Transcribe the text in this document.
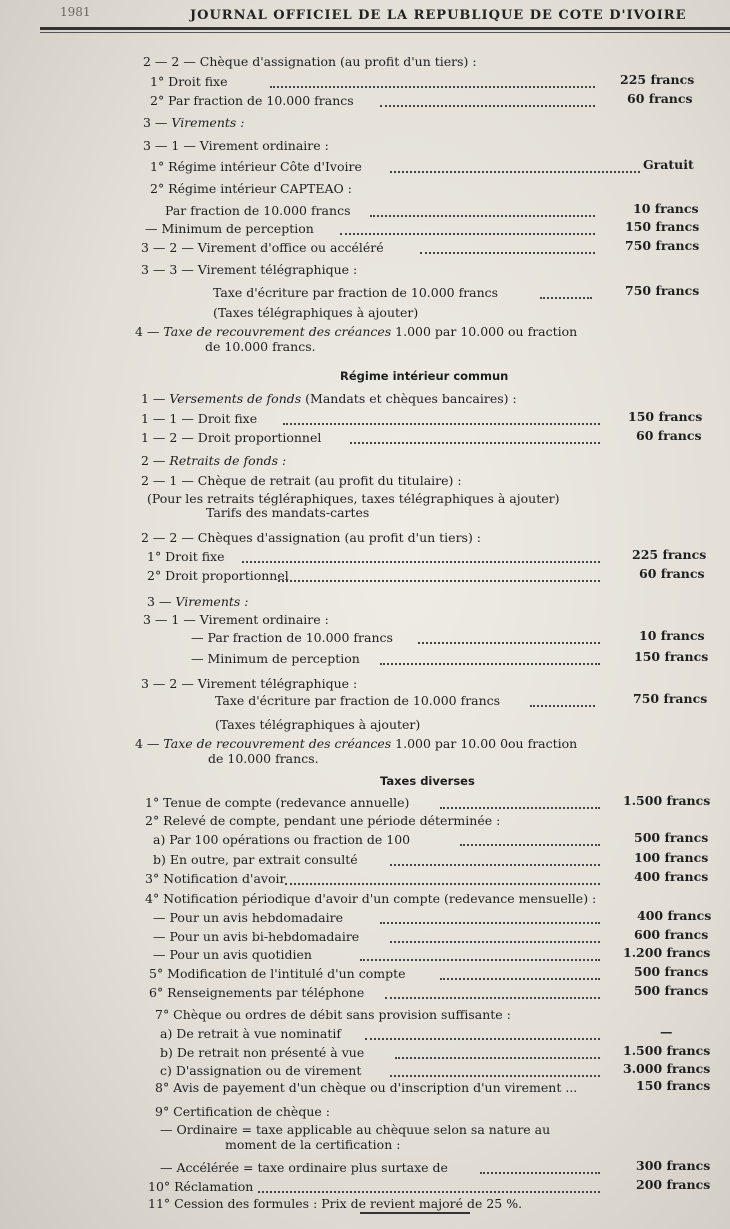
1981	JOURNAL OFFICIEL DE LA REPUBLIQUE DE COTE D'IVOIRE
Régime intérieur commun
Taxes diverses
2 — 2 — Chèque d'assignation (au profit d'un tiers) :
1° Droit fixe	225 francs
2° Par fraction de 10.000 francs	60 francs
3 — Virements :
3 — 1 — Virement ordinaire :
1° Régime intérieur Côte d'Ivoire	Gratuit
2° Régime intérieur CAPTEAO :
Par fraction de 10.000 francs	10 francs
— Minimum de perception	150 francs
3 — 2 — Virement d'office ou accéléré	750 francs
3 — 3 — Virement télégraphique :
Taxe d'écriture par fraction de 10.000 francs	750 francs
(Taxes télégraphiques à ajouter)
4 — Taxe de recouvrement des créances 1.000 par 10.000 ou fraction
de 10.000 francs.
1 — Versements de fonds (Mandats et chèques bancaires) :
1 — 1 — Droit fixe	150 francs
1 — 2 — Droit proportionnel	60 francs
2 — Retraits de fonds :
2 — 1 — Chèque de retrait (au profit du titulaire) :
(Pour les retraits tégléraphiques, taxes télégraphiques à ajouter)
Tarifs des mandats-cartes
2 — 2 — Chèques d'assignation (au profit d'un tiers) :
1° Droit fixe	225 francs
2° Droit proportionnel	60 francs
3 — Virements :
3 — 1 — Virement ordinaire :
— Par fraction de 10.000 francs	10 francs
— Minimum de perception	150 francs
3 — 2 — Virement télégraphique :
Taxe d'écriture par fraction de 10.000 francs	750 francs
(Taxes télégraphiques à ajouter)
4 — Taxe de recouvrement des créances 1.000 par 10.00 0ou fraction
de 10.000 francs.
1° Tenue de compte (redevance annuelle)	1.500 francs
2° Relevé de compte, pendant une période déterminée :
a) Par 100 opérations ou fraction de 100	500 francs
b) En outre, par extrait consulté	100 francs
3° Notification d'avoir	400 francs
4° Notification périodique d'avoir d'un compte (redevance mensuelle) :
— Pour un avis hebdomadaire	400 francs
— Pour un avis bi-hebdomadaire	600 francs
— Pour un avis quotidien	1.200 francs
5° Modification de l'intitulé d'un compte	500 francs
6° Renseignements par téléphone	500 francs
7° Chèque ou ordres de débit sans provision suffisante :
a) De retrait à vue nominatif	—
b) De retrait non présenté à vue	1.500 francs
c) D'assignation ou de virement	3.000 francs
8° Avis de payement d'un chèque ou d'inscription d'un virement ...	150 francs
9° Certification de chèque :
— Ordinaire = taxe applicable au chèquue selon sa nature au
moment de la certification :
— Accélérée = taxe ordinaire plus surtaxe de	300 francs
10° Réclamation	200 francs
11° Cession des formules : Prix de revient majoré de 25 %.
